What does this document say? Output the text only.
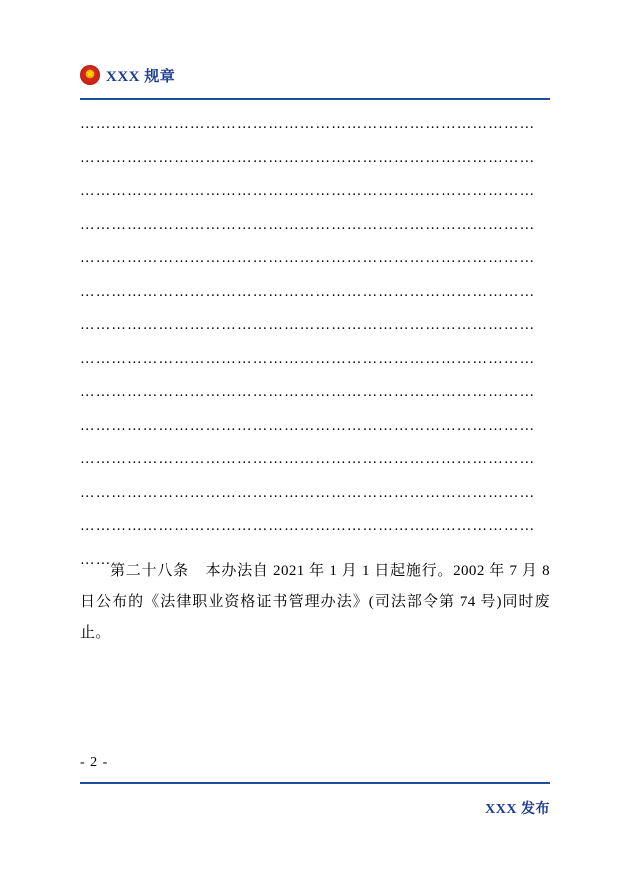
★
XXX 规章
……………………………………………………………………………
……………………………………………………………………………
……………………………………………………………………………
……………………………………………………………………………
……………………………………………………………………………
……………………………………………………………………………
……………………………………………………………………………
……………………………………………………………………………
……………………………………………………………………………
……………………………………………………………………………
……………………………………………………………………………
……………………………………………………………………………
……………………………………………………………………………
……

第二十八条 本办法自 2021 年 1 月 1 日起施行。2002 年 7 月 8 日公布的《法律职业资格证书管理办法》(司法部令第 74 号)同时废止。

- 2 -
XXX 发布
